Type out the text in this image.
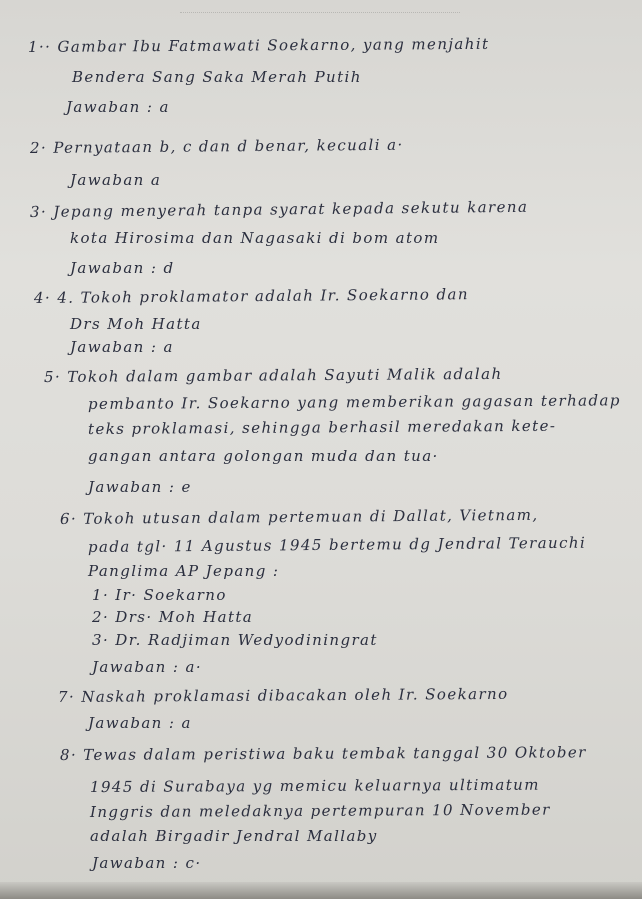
1·· Gambar Ibu Fatmawati Soekarno, yang menjahit
Bendera Sang Saka Merah Putih
Jawaban : a
2· Pernyataan b, c dan d benar, kecuali a·
Jawaban a
3· Jepang menyerah tanpa syarat kepada sekutu karena
kota Hirosima dan Nagasaki di bom atom
Jawaban : d
4· 4. Tokoh proklamator adalah Ir. Soekarno dan
Drs Moh Hatta
Jawaban : a
5· Tokoh dalam gambar adalah Sayuti Malik adalah
pembanto Ir. Soekarno yang memberikan gagasan terhadap
teks proklamasi, sehingga berhasil meredakan kete-
gangan antara golongan muda dan tua·
Jawaban : e
6· Tokoh utusan dalam pertemuan di Dallat, Vietnam,
pada tgl· 11 Agustus 1945 bertemu dg Jendral Terauchi
Panglima AP Jepang :
1· Ir· Soekarno
2· Drs· Moh Hatta
3· Dr. Radjiman Wedyodiningrat
Jawaban : a·
7· Naskah proklamasi dibacakan oleh Ir. Soekarno
Jawaban : a
8· Tewas dalam peristiwa baku tembak tanggal 30 Oktober
1945 di Surabaya yg memicu keluarnya ultimatum
Inggris dan meledaknya pertempuran 10 November
adalah Birgadir Jendral Mallaby
Jawaban : c·
